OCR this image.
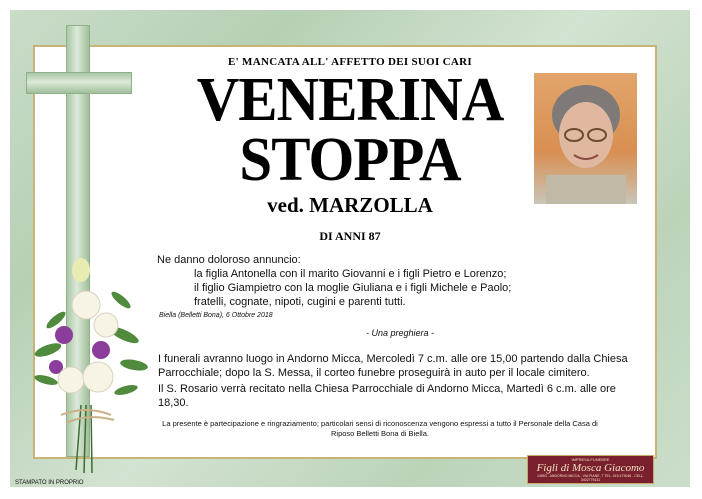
E' MANCATA ALL' AFFETTO DEI SUOI CARI
VENERINA
STOPPA
ved. MARZOLLA
DI ANNI 87
Ne danno doloroso annuncio:
la figlia Antonella con il marito Giovanni e i figli Pietro e Lorenzo;
il figlio Giampietro con la moglie Giuliana e i figli Michele e Paolo;
fratelli, cognate, nipoti, cugini e parenti tutti.
Biella (Belletti Bona), 6 Ottobre 2018
- Una preghiera -
I funerali avranno luogo in Andorno Micca, Mercoledì 7 c.m. alle ore 15,00 partendo dalla Chiesa Parrocchiale; dopo la S. Messa, il corteo funebre proseguirà in auto per il locale cimitero.
Il S. Rosario verrà recitato nella Chiesa Parrocchiale di Andorno Micca, Martedì 6 c.m. alle ore 18,30.
La presente è partecipazione e ringraziamento; particolari sensi di riconoscenza vengono espressi a tutto il Personale della Casa di Riposo Belletti Bona di Biella.
STAMPATO IN PROPRIO
IMPRESA FUNEBRE
Figli di Mosca Giacomo
13893 - ANDORNO MICCA - VIA PIANE, 7 TEL. 015 473046 - CELL. 3402779131
